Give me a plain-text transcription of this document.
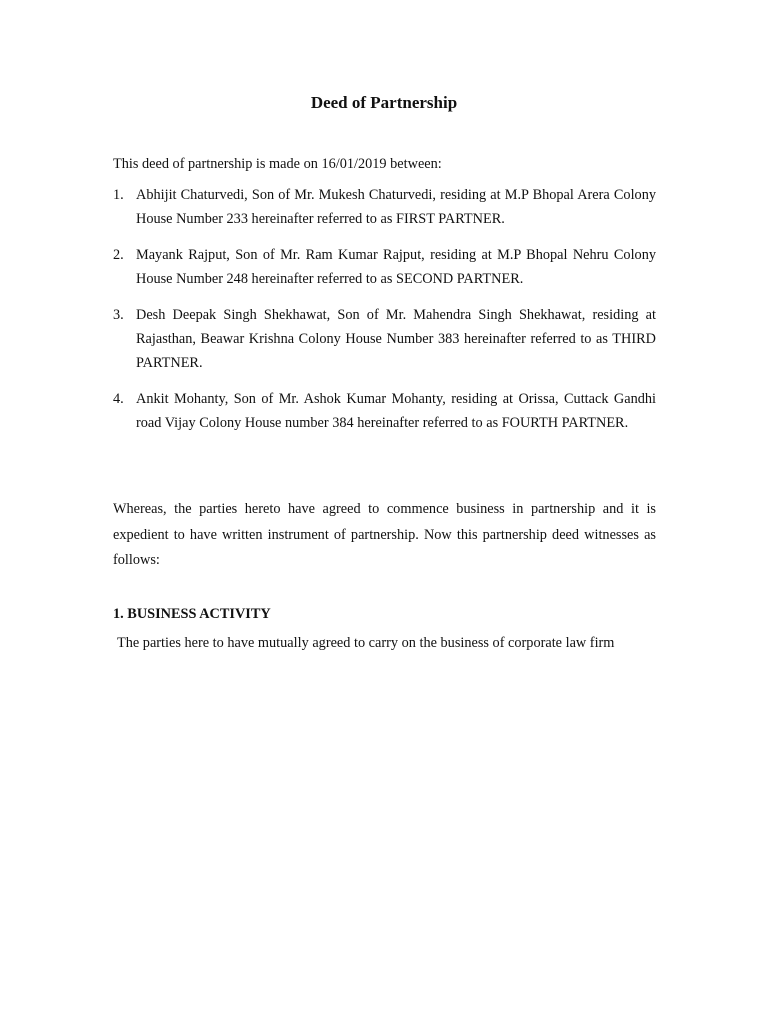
Deed of Partnership
This deed of partnership is made on 16/01/2019 between:
1. Abhijit Chaturvedi, Son of Mr. Mukesh Chaturvedi, residing at M.P Bhopal Arera Colony House Number 233 hereinafter referred to as FIRST PARTNER.
2. Mayank Rajput, Son of Mr. Ram Kumar Rajput, residing at M.P Bhopal Nehru Colony House Number 248 hereinafter referred to as SECOND PARTNER.
3. Desh Deepak Singh Shekhawat, Son of Mr. Mahendra Singh Shekhawat, residing at Rajasthan, Beawar Krishna Colony House Number 383 hereinafter referred to as THIRD PARTNER.
4. Ankit Mohanty, Son of Mr. Ashok Kumar Mohanty, residing at Orissa, Cuttack Gandhi road Vijay Colony House number 384 hereinafter referred to as FOURTH PARTNER.
Whereas, the parties hereto have agreed to commence business in partnership and it is expedient to have written instrument of partnership. Now this partnership deed witnesses as follows:
1. BUSINESS ACTIVITY
The parties here to have mutually agreed to carry on the business of corporate law firm
